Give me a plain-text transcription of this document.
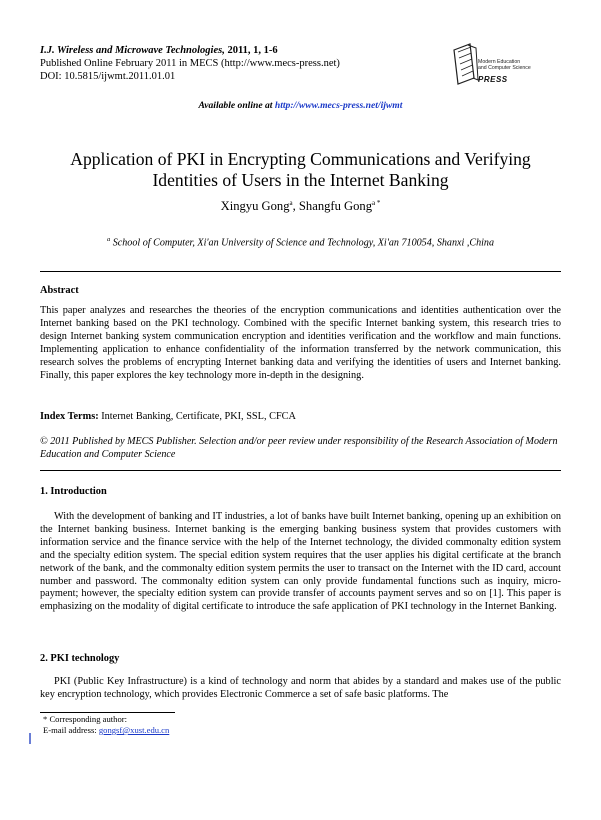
I.J. Wireless and Microwave Technologies, 2011, 1, 1-6
Published Online February 2011 in MECS (http://www.mecs-press.net)
DOI: 10.5815/ijwmt.2011.01.01
Modern Education
and Computer Science
PRESS
Available online at http://www.mecs-press.net/ijwmt
Application of PKI in Encrypting Communications and Verifying
Identities of Users in the Internet Banking
Xingyu Gong$^a$, Shangfu Gong$^{a *}$
$^a$ School of Computer, Xi'an University of Science and Technology, Xi'an 710054, Shanxi ,China
Abstract
This paper analyzes and researches the theories of the encryption communications and identities authentication over the Internet banking based on the PKI technology. Combined with the specific Internet banking system, this research tries to design Internet banking system communication encryption and identities verification and the workflow and main functions. Implementing application to enhance confidentiality of the information transferred by the network communication, this research solves the problems of encrypting Internet banking data and verifying the identities of users and Internet banking. Finally, this paper explores the key technology more in-depth in the designing.
Index Terms: Internet Banking, Certificate, PKI, SSL, CFCA
© 2011 Published by MECS Publisher. Selection and/or peer review under responsibility of the Research Association of Modern Education and Computer Science
1. Introduction
With the development of banking and IT industries, a lot of banks have built Internet banking, opening up an exhibition on the Internet banking business. Internet banking is the emerging banking business system that provides customers with information service and the finance service with the help of the Internet technology, the divided commonalty edition system and the specialty edition system. The special edition system requires that the user applies his digital certificate at the branch network of the bank, and the commonalty edition system permits the user to transact on the Internet with the ID card, account number and password. The commonalty edition system can only provide fundamental functions such as inquiry, micro-payment; however, the specialty edition system can provide transfer of accounts payment serves and so on [1]. This paper is emphasizing on the modality of digital certificate to introduce the safe application of PKI technology in the Internet Banking.
2. PKI technology
PKI (Public Key Infrastructure) is a kind of technology and norm that abides by a standard and makes use of the public key encryption technology, which provides Electronic Commerce a set of safe basic platforms. The
* Corresponding author:
E-mail address: gongsf@xust.edu.cn
